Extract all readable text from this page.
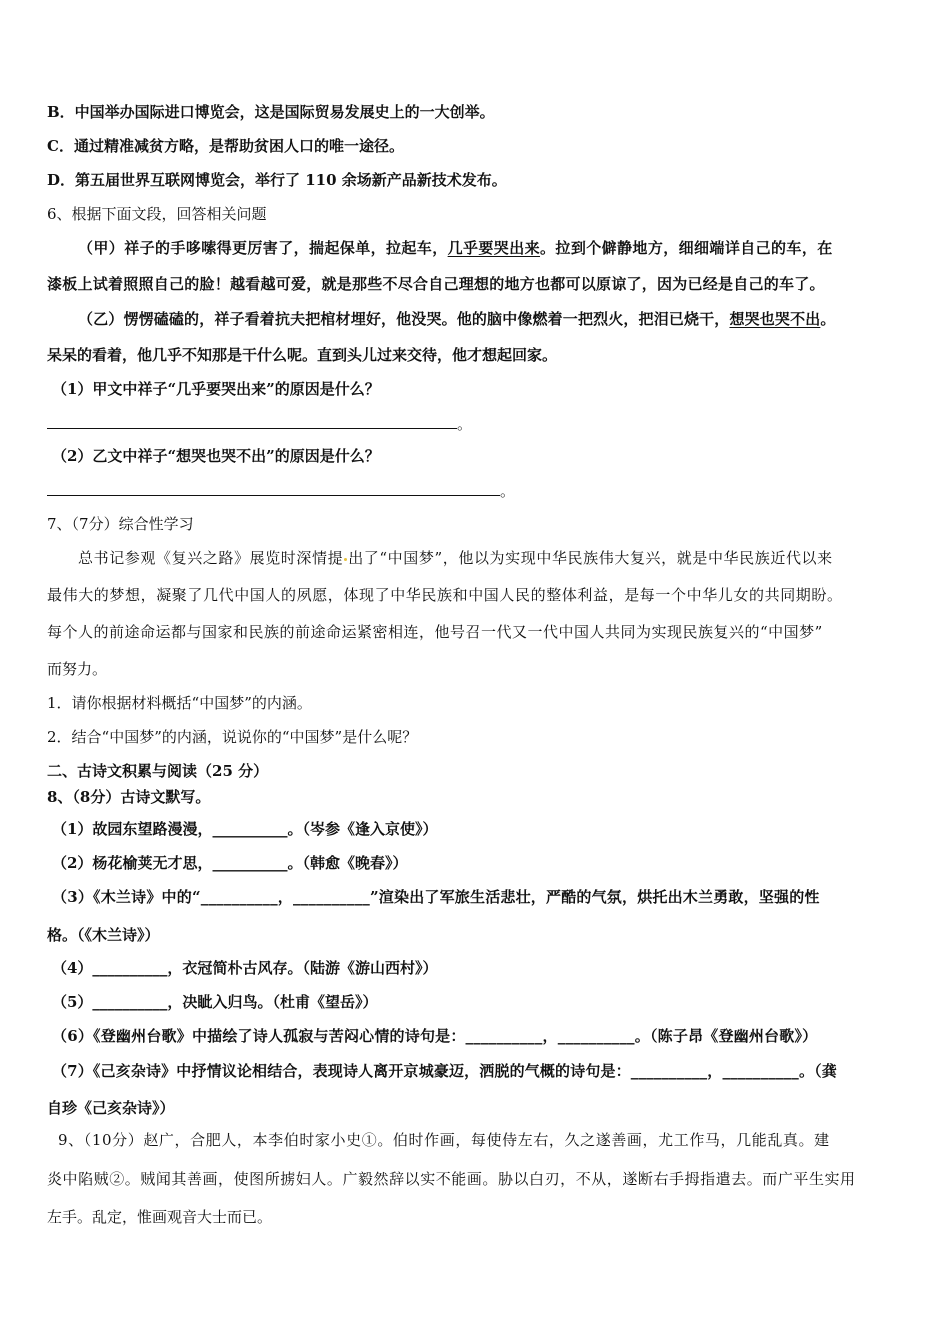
B．中国举办国际进口博览会，这是国际贸易发展史上的一大创举。
C．通过精准减贫方略，是帮助贫困人口的唯一途径。
D．第五届世界互联网博览会，举行了 110 余场新产品新技术发布。
6、根据下面文段，回答相关问题
（甲）祥子的手哆嗦得更厉害了，揣起保单，拉起车，几乎要哭出来。拉到个僻静地方，细细端详自己的车，在
漆板上试着照照自己的脸！越看越可爱，就是那些不尽合自己理想的地方也都可以原谅了，因为已经是自己的车了。
（乙）愣愣磕磕的，祥子看着抗夫把棺材埋好，他没哭。他的脑中像燃着一把烈火，把泪已烧干，想哭也哭不出。
呆呆的看着，他几乎不知那是干什么呢。直到头儿过来交待，他才想起回家。
（1）甲文中祥子“几乎要哭出来”的原因是什么？
。
（2）乙文中祥子“想哭也哭不出”的原因是什么？
。
7、（7分）综合性学习
总书记参观《复兴之路》展览时深情提 出了“中国梦”，他以为实现中华民族伟大复兴，就是中华民族近代以来
最伟大的梦想，凝聚了几代中国人的夙愿，体现了中华民族和中国人民的整体利益，是每一个中华儿女的共同期盼。
每个人的前途命运都与国家和民族的前途命运紧密相连，他号召一代又一代中国人共同为实现民族复兴的“中国梦”
而努力。
1．请你根据材料概括“中国梦”的内涵。
2．结合“中国梦”的内涵，说说你的“中国梦”是什么呢？
二、古诗文积累与阅读（25 分）
8、（8分）古诗文默写。
（1）故园东望路漫漫，__________。（岑参《逢入京使》）
（2）杨花榆荚无才思，__________。（韩愈《晚春》）
（3）《木兰诗》中的“__________，__________”渲染出了军旅生活悲壮，严酷的气氛，烘托出木兰勇敢，坚强的性
格。（《木兰诗》）
（4）__________，衣冠简朴古风存。（陆游《游山西村》）
（5）__________，决眦入归鸟。（杜甫《望岳》）
（6）《登幽州台歌》中描绘了诗人孤寂与苦闷心情的诗句是：__________，__________。（陈子昂《登幽州台歌》）
（7）《己亥杂诗》中抒情议论相结合，表现诗人离开京城豪迈，洒脱的气概的诗句是：__________，__________。（龚
自珍《己亥杂诗》）
9、（10分）赵广，合肥人，本李伯时家小史①。伯时作画，每使侍左右，久之遂善画，尤工作马，几能乱真。建
炎中陷贼②。贼闻其善画，使图所掳妇人。广毅然辞以实不能画。胁以白刃，不从，遂断右手拇指遣去。而广平生实用
左手。乱定，惟画观音大士而已。
